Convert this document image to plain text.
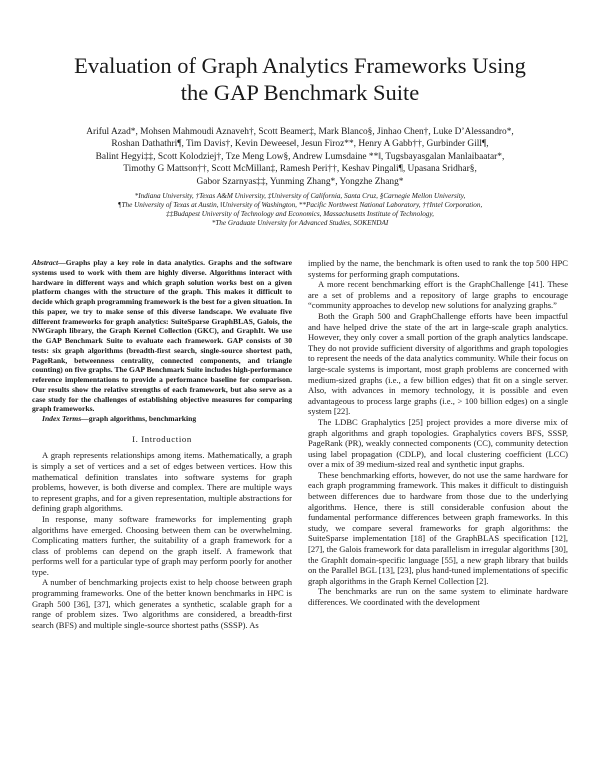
Evaluation of Graph Analytics Frameworks Using
the GAP Benchmark Suite
Ariful Azad*, Mohsen Mahmoudi Aznaveh†, Scott Beamer‡, Mark Blanco§, Jinhao Chen†, Luke D’Alessandro*,
Roshan Dathathri¶, Tim Davis†, Kevin Deweese‖, Jesun Firoz**, Henry A Gabb††, Gurbinder Gill¶,
Balint Hegyi‡‡, Scott Kolodziej†, Tze Meng Low§, Andrew Lumsdaine **‖, Tugsbayasgalan Manlaibaatar*,
Timothy G Mattson††, Scott McMillan‡, Ramesh Peri††, Keshav Pingali¶, Upasana Sridhar§,
Gabor Szarnyas‡‡, Yunming Zhang*, Yongzhe Zhang*
*Indiana University, †Texas A&M University, ‡University of California, Santa Cruz, §Carnegie Mellon University,
¶The University of Texas at Austin, ‖University of Washington, **Pacific Northwest National Laboratory, ††Intel Corporation,
‡‡Budapest University of Technology and Economics, Massachusetts Institute of Technology,
*The Graduate University for Advanced Studies, SOKENDAI

Abstract—Graphs play a key role in data analytics. Graphs and the software systems used to work with them are highly diverse. Algorithms interact with hardware in different ways and which graph solution works best on a given platform changes with the structure of the graph. This makes it difficult to decide which graph programming framework is the best for a given situation. In this paper, we try to make sense of this diverse landscape. We evaluate five different frameworks for graph analytics: SuiteSparse GraphBLAS, Galois, the NWGraph library, the Graph Kernel Collection (GKC), and GraphIt. We use the GAP Benchmark Suite to evaluate each framework. GAP consists of 30 tests: six graph algorithms (breadth-first search, single-source shortest path, PageRank, betweenness centrality, connected components, and triangle counting) on five graphs. The GAP Benchmark Suite includes high-performance reference implementations to provide a performance baseline for comparison. Our results show the relative strengths of each framework, but also serve as a case study for the challenges of establishing objective measures for comparing graph frameworks.

Index Terms—graph algorithms, benchmarking

I. Introduction

A graph represents relationships among items. Mathematically, a graph is simply a set of vertices and a set of edges between vertices. How this mathematical definition translates into software systems for graph problems, however, is both diverse and complex. There are multiple ways to represent graphs, and for a given representation, multiple abstractions for defining graph algorithms.

In response, many software frameworks for implementing graph algorithms have emerged. Choosing between them can be overwhelming. Complicating matters further, the suitability of a graph framework for a class of problems can depend on the graph itself. A framework that performs well for a particular type of graph may perform poorly for another type.

A number of benchmarking projects exist to help choose between graph programming frameworks. One of the better known benchmarks in HPC is Graph 500 [36], [37], which generates a synthetic, scalable graph for a range of problem sizes. Two algorithms are considered, a breadth-first search (BFS) and multiple single-source shortest paths (SSSP). As

implied by the name, the benchmark is often used to rank the top 500 HPC systems for performing graph computations.

A more recent benchmarking effort is the GraphChallenge [41]. These are a set of problems and a repository of large graphs to encourage “community approaches to develop new solutions for analyzing graphs.”

Both the Graph 500 and GraphChallenge efforts have been impactful and have helped drive the state of the art in large-scale graph analytics. However, they only cover a small portion of the graph analytics landscape. They do not provide sufficient diversity of algorithms and graph topologies to represent the needs of the data analytics community. While their focus on large-scale systems is important, most graph problems are concerned with medium-sized graphs (i.e., a few billion edges) that fit on a single server. Also, with advances in memory technology, it is possible and even advantageous to process large graphs (i.e., > 100 billion edges) on a single system [22].

The LDBC Graphalytics [25] project provides a more diverse mix of graph algorithms and graph topologies. Graphalytics covers BFS, SSSP, PageRank (PR), weakly connected components (CC), community detection using label propagation (CDLP), and local clustering coefficient (LCC) over a mix of 39 medium-sized real and synthetic input graphs.

These benchmarking efforts, however, do not use the same hardware for each graph programming framework. This makes it difficult to distinguish between differences due to hardware from those due to the underlying algorithms. Hence, there is still considerable confusion about the fundamental performance differences between graph frameworks. In this study, we compare several frameworks for graph algorithms: the SuiteSparse implementation [18] of the GraphBLAS specification [12], [27], the Galois framework for data parallelism in irregular algorithms [30], the GraphIt domain-specific language [55], a new graph library that builds on the Parallel BGL [13], [23], plus hand-tuned implementations of specific graph algorithms in the Graph Kernel Collection [2].

The benchmarks are run on the same system to eliminate hardware differences. We coordinated with the development
